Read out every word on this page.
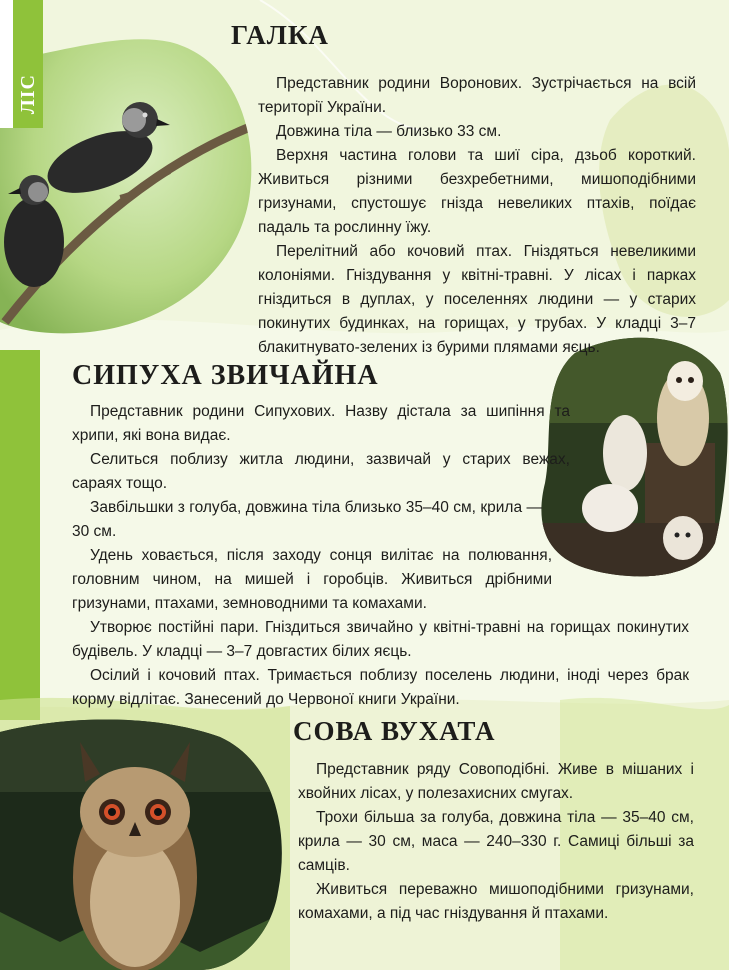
ЛІС
ГАЛКА

Представник родини Воронових. Зустрічається на всій території України.

Довжина тіла — близько 33 см.

Верхня частина голови та шиї сіра, дзьоб короткий. Живиться різними безхребетними, мишоподібними гризунами, спустошує гнізда невеликих птахів, поїдає падаль та рослинну їжу.

Перелітний або кочовий птах. Гніздяться невеликими колоніями. Гніздування у квітні-травні. У лісах і парках гніздиться в дуплах, у поселеннях людини — у старих покинутих будинках, на горищах, у трубах. У кладці 3–7 блакитнувато-зелених із бурими плямами яєць.

СИПУХА ЗВИЧАЙНА

Представник родини Сипухових. Назву дістала за шипіння та хрипи, які вона видає.

Селиться поблизу житла людини, зазвичай у старих вежах, сараях тощо.

Завбільшки з голуба, довжина тіла близько 35–40 см, крила — 30 см.

Удень ховається, після заходу сонця вилітає на полювання, головним чином, на мишей і горобців. Живиться дрібними гризунами, птахами, земноводними та комахами.

Утворює постійні пари. Гніздиться звичайно у квітні-травні на горищах покинутих будівель. У кладці — 3–7 довгастих білих яєць.

Осілий і кочовий птах. Тримається поблизу поселень людини, іноді через брак корму відлітає. Занесений до Червоної книги України.

СОВА ВУХАТА

Представник ряду Совоподібні. Живе в мішаних і хвойних лісах, у полезахисних смугах.

Трохи більша за голуба, довжина тіла — 35–40 см, крила — 30 см, маса — 240–330 г. Самиці більші за самців.

Живиться переважно мишоподібними гризунами, комахами, а під час гніздування й птахами.
